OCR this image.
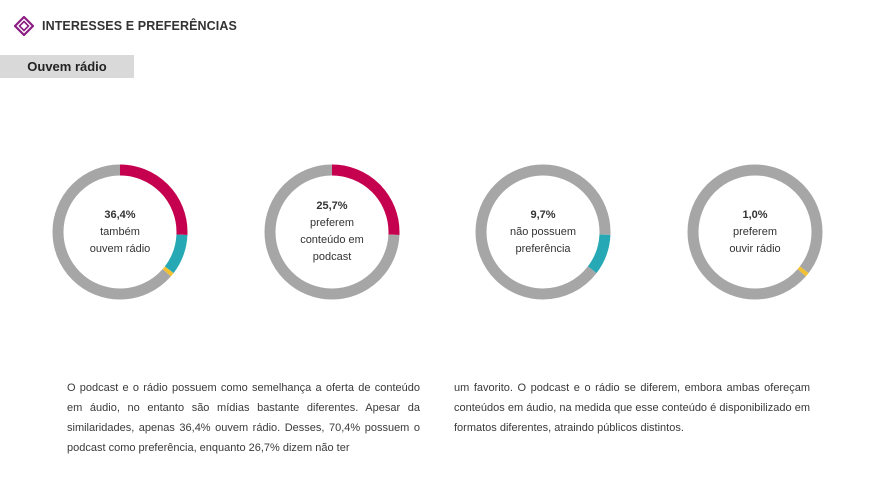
INTERESSES E PREFERÊNCIAS
Ouvem rádio
36,4%
também
ouvem rádio
25,7%
preferem
conteúdo em
podcast
9,7%
não possuem
preferência
1,0%
preferem
ouvir rádio

O podcast e o rádio possuem como semelhança a oferta de conteúdo em áudio, no entanto são mídias bastante diferentes. Apesar da similaridades, apenas 36,4% ouvem rádio. Desses, 70,4% possuem o podcast como preferência, enquanto 26,7% dizem não ter

um favorito. O podcast e o rádio se diferem, embora ambas ofereçam conteúdos em áudio, na medida que esse conteúdo é disponibilizado em formatos diferentes, atraindo públicos distintos.
